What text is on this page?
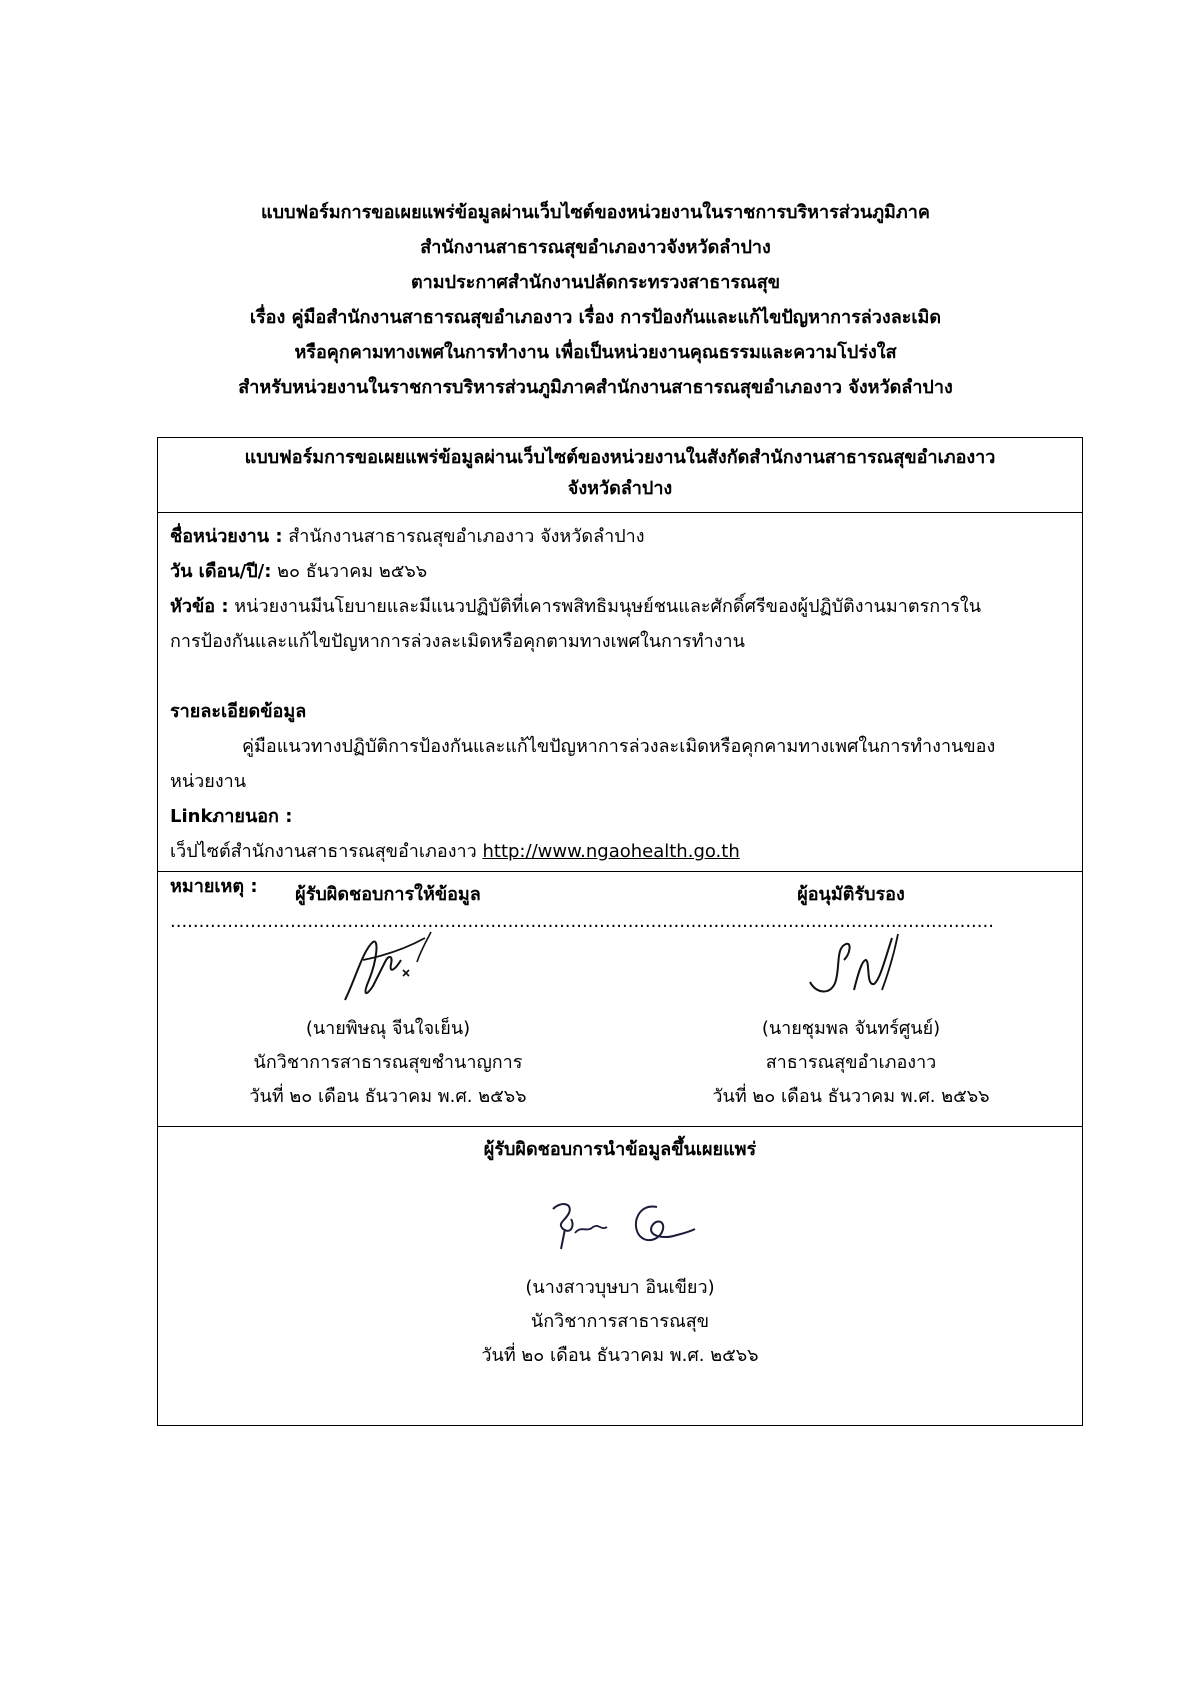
แบบฟอร์มการขอเผยแพร่ข้อมูลผ่านเว็บไซต์ของหน่วยงานในราชการบริหารส่วนภูมิภาค
สำนักงานสาธารณสุขอำเภองาวจังหวัดลำปาง
ตามประกาศสำนักงานปลัดกระทรวงสาธารณสุข
เรื่อง คู่มือสำนักงานสาธารณสุขอำเภองาว เรื่อง การป้องกันและแก้ไขปัญหาการล่วงละเมิด
หรือคุกคามทางเพศในการทำงาน เพื่อเป็นหน่วยงานคุณธรรมและความโปร่งใส
สำหรับหน่วยงานในราชการบริหารส่วนภูมิภาคสำนักงานสาธารณสุขอำเภองาว จังหวัดลำปาง
แบบฟอร์มการขอเผยแพร่ข้อมูลผ่านเว็บไซต์ของหน่วยงานในสังกัดสำนักงานสาธารณสุขอำเภองาว
จังหวัดลำปาง
ชื่อหน่วยงาน : สำนักงานสาธารณสุขอำเภองาว จังหวัดลำปาง
วัน เดือน/ปี/: ๒๐ ธันวาคม ๒๕๖๖
หัวข้อ : หน่วยงานมีนโยบายและมีแนวปฏิบัติที่เคารพสิทธิมนุษย์ชนและศักดิ์ศรีของผู้ปฏิบัติงานมาตรการใน
การป้องกันและแก้ไขปัญหาการล่วงละเมิดหรือคุกตามทางเพศในการทำงาน
รายละเอียดข้อมูล
คู่มือแนวทางปฏิบัติการป้องกันและแก้ไขปัญหาการล่วงละเมิดหรือคุกคามทางเพศในการทำงานของ
หน่วยงาน
Linkภายนอก :
เว็ปไซต์สำนักงานสาธารณสุขอำเภองาว http://www.ngaohealth.go.th
หมายเหตุ : ................................................................................................................................................
ผู้รับผิดชอบการให้ข้อมูล
(นายพิษณุ จีนใจเย็น)
นักวิชาการสาธารณสุขชำนาญการ
วันที่ ๒๐ เดือน ธันวาคม พ.ศ. ๒๕๖๖
ผู้อนุมัติรับรอง
(นายชุมพล จันทร์ศูนย์)
สาธารณสุขอำเภองาว
วันที่ ๒๐ เดือน ธันวาคม พ.ศ. ๒๕๖๖
ผู้รับผิดชอบการนำข้อมูลขึ้นเผยแพร่
(นางสาวบุษบา อินเขียว)
นักวิชาการสาธารณสุข
วันที่ ๒๐ เดือน ธันวาคม พ.ศ. ๒๕๖๖
